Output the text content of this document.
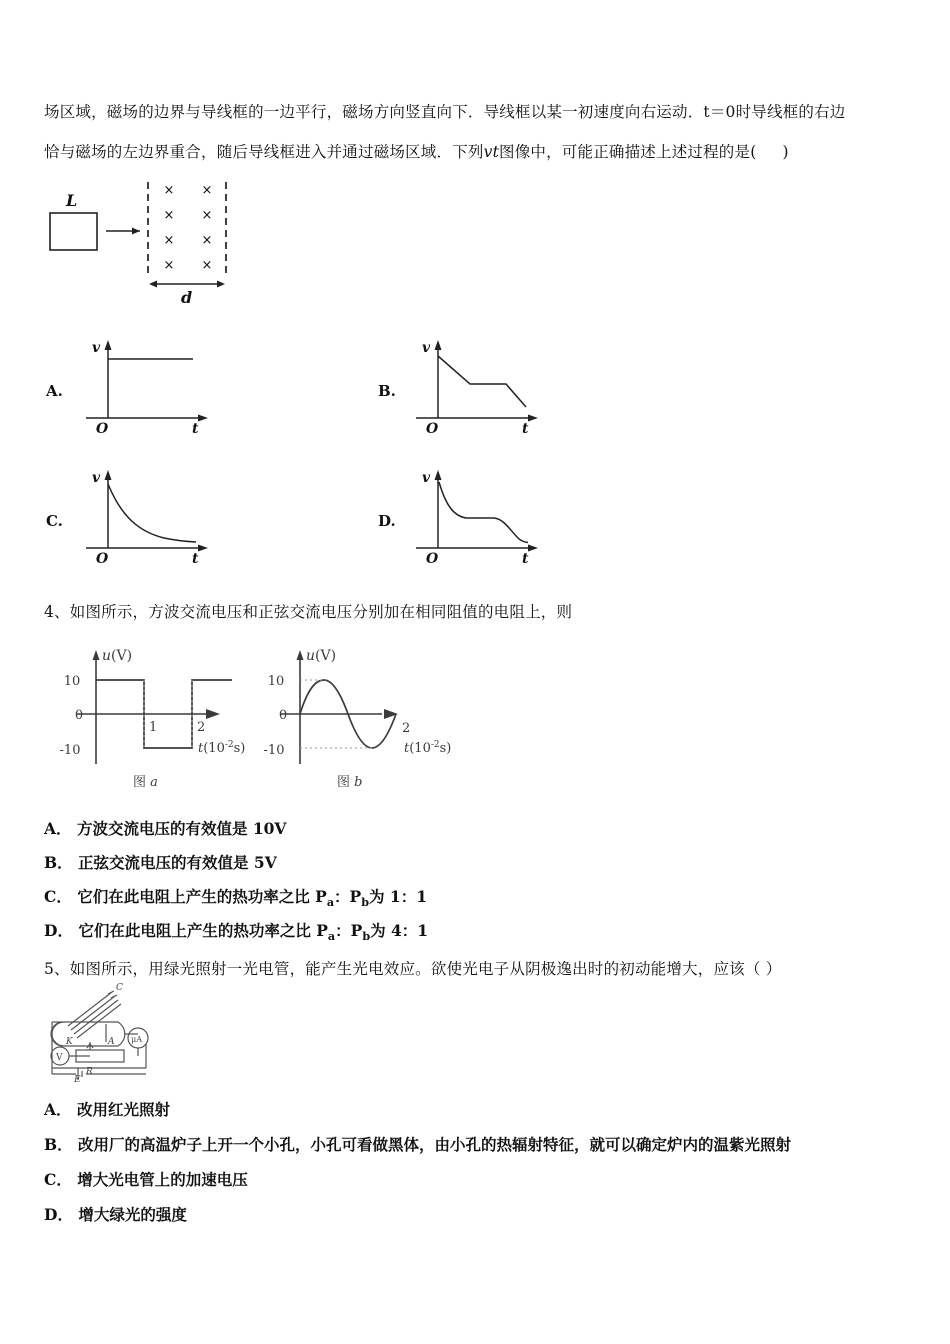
场区域，磁场的边界与导线框的一边平行，磁场方向竖直向下．导线框以某一初速度向右运动．t＝0时导线框的右边
恰与磁场的左边界重合，随后导线框进入并通过磁场区域．下列vt图像中，可能正确描述上述过程的是( )
L
× ×
× ×
× ×
× ×
d
A.
v
O	t
B.
v
O	t
C.
v
O	t
D.
v
O	t
4、如图所示，方波交流电压和正弦交流电压分别加在相同阻值的电阻上，则
u(V)
10
0
-10
1	2
$t(10^{-2}s)$
图 a
u(V)
10
0
-10
2
$t(10^{-2}s)$
图 b
A． 方波交流电压的有效值是 10V
B． 正弦交流电压的有效值是 5V
C． 它们在此电阻上产生的热功率之比 $P_a$：$P_b$为 1：1
D． 它们在此电阻上产生的热功率之比 $P_a$：$P_b$为 4：1
5、如图所示，用绿光照射一光电管，能产生光电效应。欲使光电子从阴极逸出时的初动能增大，应该（ ）
C
K	A μA
V
R
E
A． 改用红光照射
B． 改用厂的高温炉子上开一个小孔，小孔可看做黑体，由小孔的热辐射特征，就可以确定炉内的温紫光照射
C． 增大光电管上的加速电压
D． 增大绿光的强度
